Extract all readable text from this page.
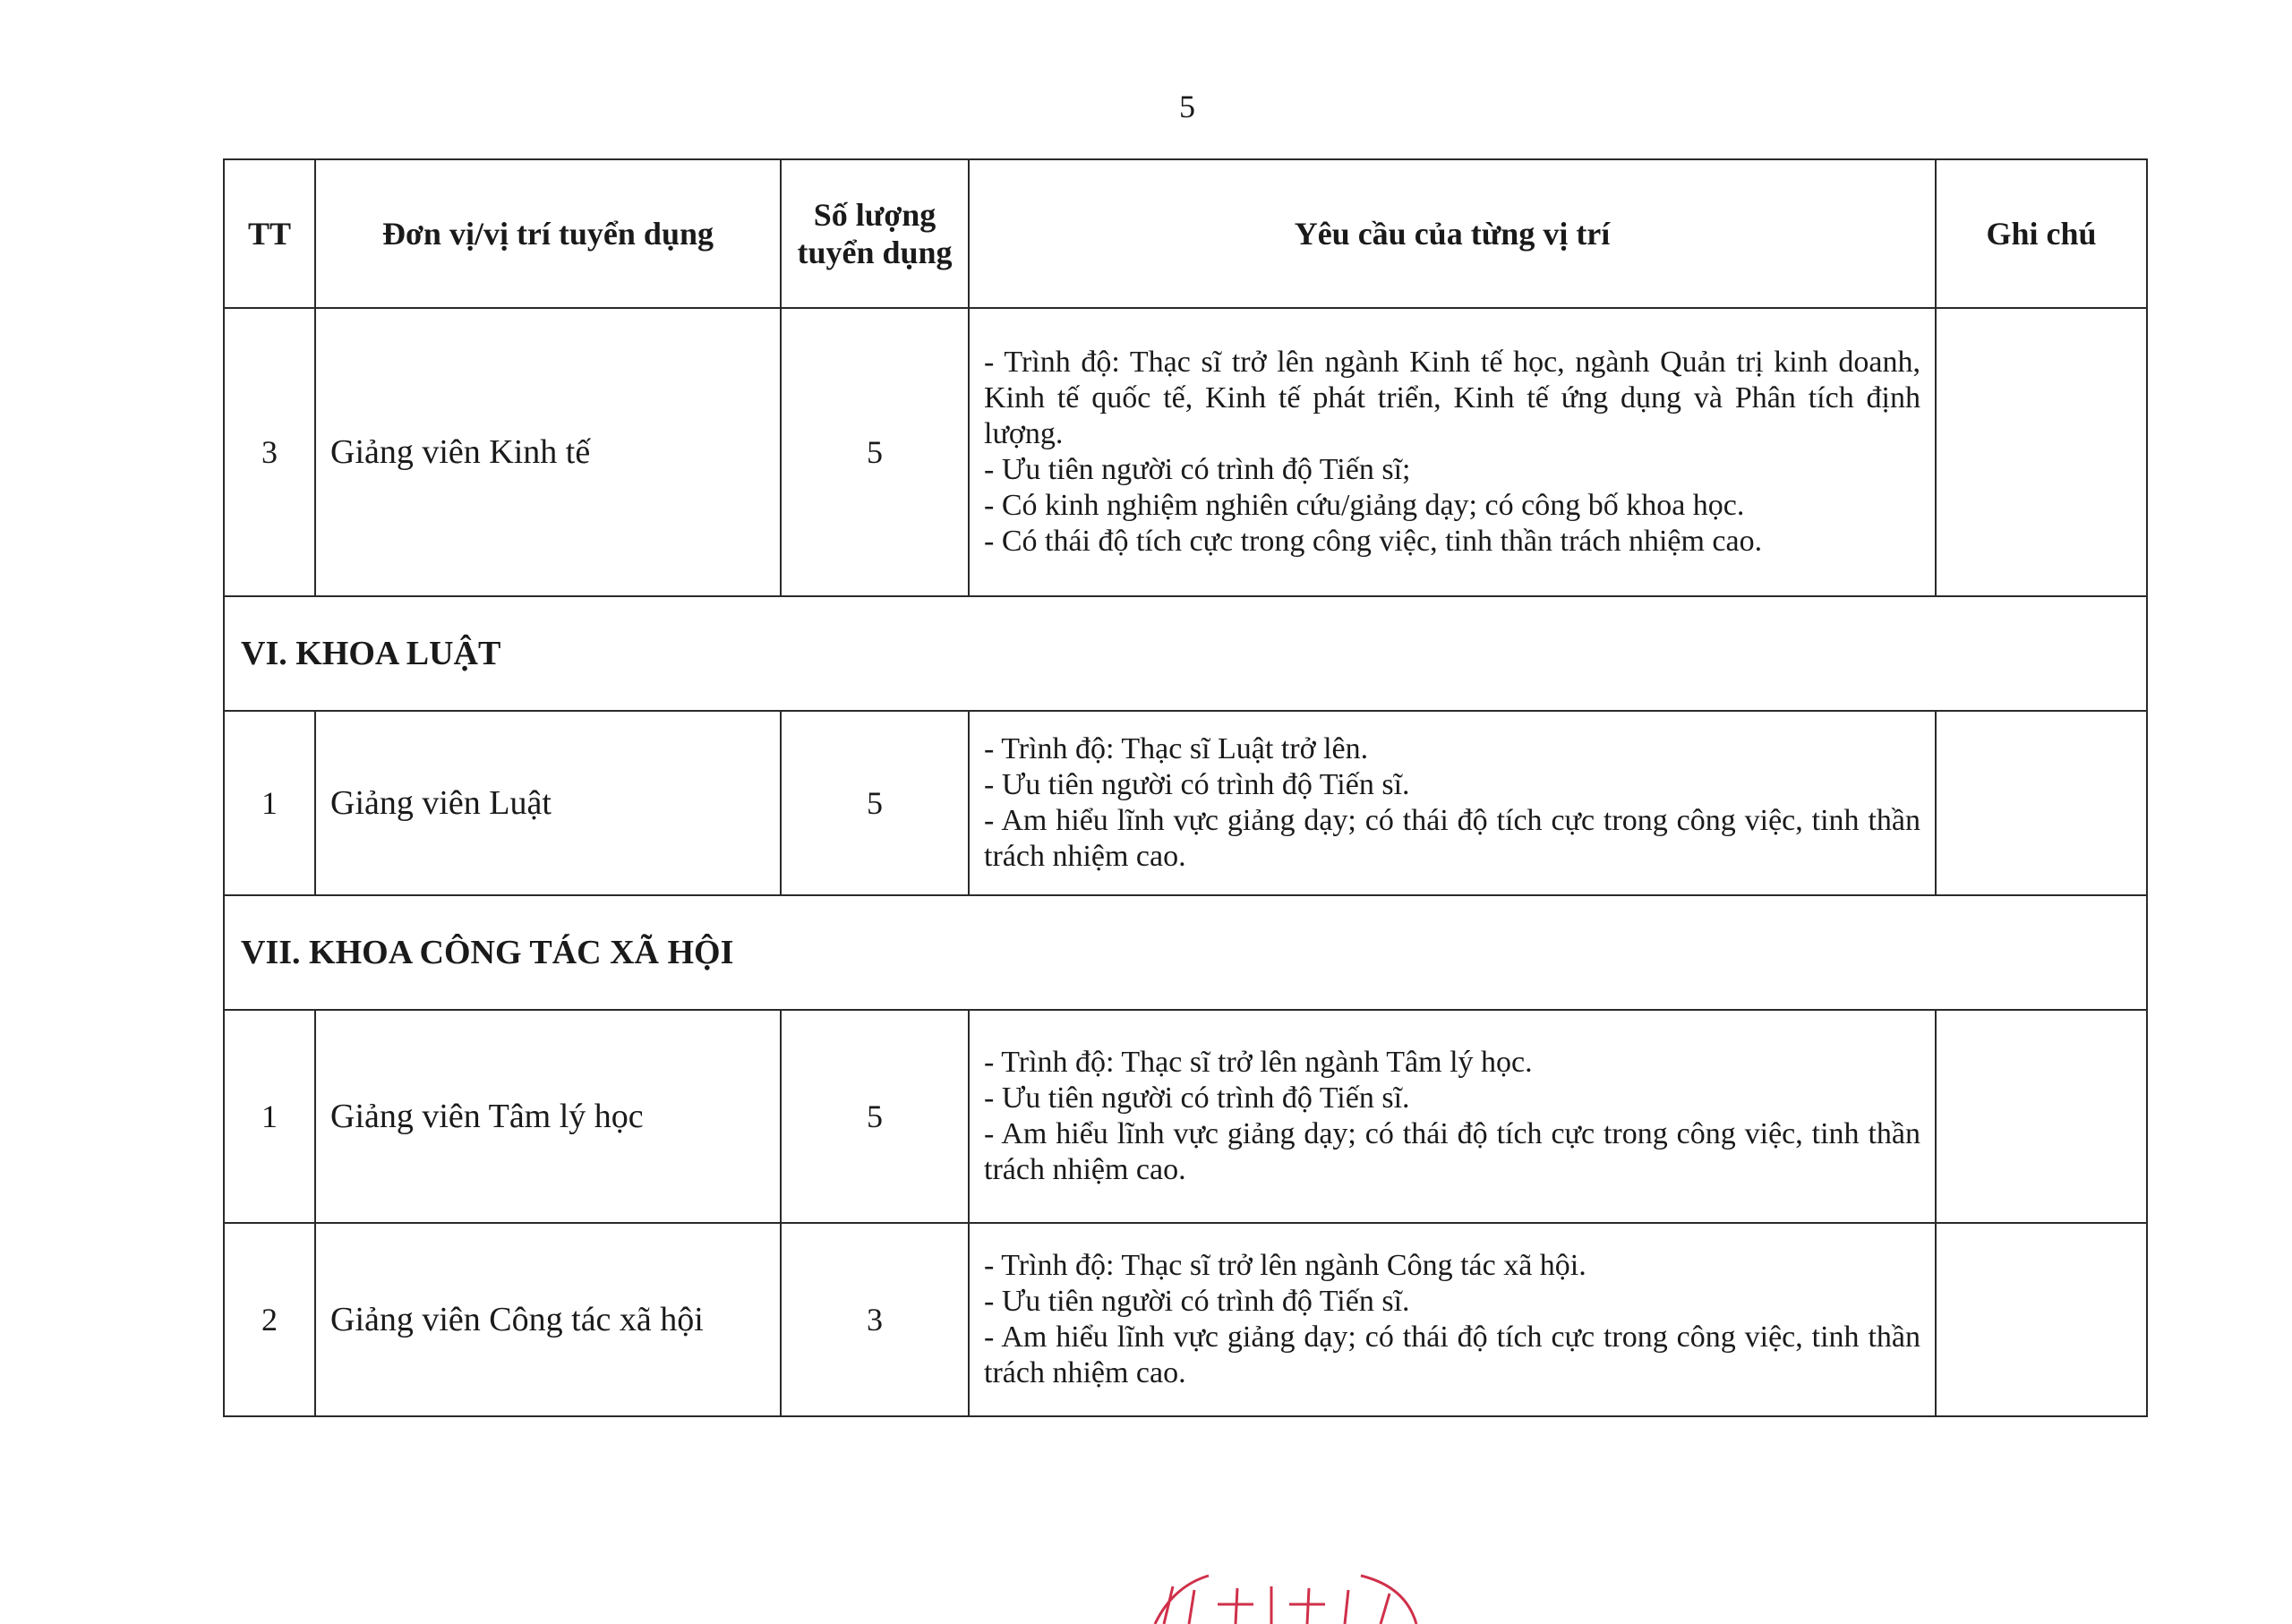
5
TT	Đơn vị/vị trí tuyển dụng	Số lượng tuyển dụng	Yêu cầu của từng vị trí	Ghi chú
3	Giảng viên Kinh tế	5	- Trình độ: Thạc sĩ trở lên ngành Kinh tế học, ngành Quản trị kinh doanh, Kinh tế quốc tế, Kinh tế phát triển, Kinh tế ứng dụng và Phân tích định lượng.
- Ưu tiên người có trình độ Tiến sĩ;
- Có kinh nghiệm nghiên cứu/giảng dạy; có công bố khoa học.
- Có thái độ tích cực trong công việc, tinh thần trách nhiệm cao.	

VI. KHOA LUẬT				
1	Giảng viên Luật	5	- Trình độ: Thạc sĩ Luật trở lên.
- Ưu tiên người có trình độ Tiến sĩ.
- Am hiểu lĩnh vực giảng dạy; có thái độ tích cực trong công việc, tinh thần trách nhiệm cao.	

VII. KHOA CÔNG TÁC XÃ HỘI				
1	Giảng viên Tâm lý học	5	- Trình độ: Thạc sĩ trở lên ngành Tâm lý học.
- Ưu tiên người có trình độ Tiến sĩ.
- Am hiểu lĩnh vực giảng dạy; có thái độ tích cực trong công việc, tinh thần trách nhiệm cao.	

2	Giảng viên Công tác xã hội	3	- Trình độ: Thạc sĩ trở lên ngành Công tác xã hội.
- Ưu tiên người có trình độ Tiến sĩ.
- Am hiểu lĩnh vực giảng dạy; có thái độ tích cực trong công việc, tinh thần trách nhiệm cao.	
